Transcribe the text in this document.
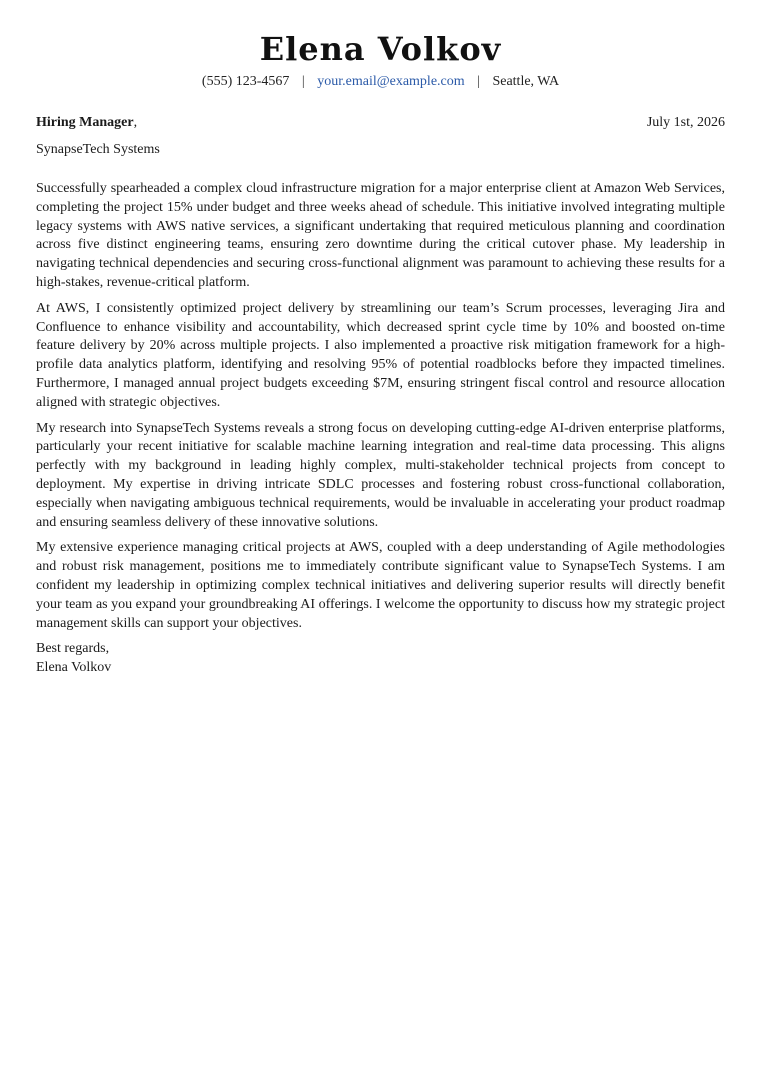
Elena Volkov
(555) 123-4567 | your.email@example.com | Seattle, WA
Hiring Manager,	July 1st, 2026
SynapseTech Systems

Successfully spearheaded a complex cloud infrastructure migration for a major enterprise client at Amazon Web Services, completing the project 15% under budget and three weeks ahead of schedule. This initiative involved integrating multiple legacy systems with AWS native services, a significant undertaking that required meticulous planning and coordination across five distinct engineering teams, ensuring zero downtime during the critical cutover phase. My leadership in navigating technical dependencies and securing cross-functional alignment was paramount to achieving these results for a high-stakes, revenue-critical platform.

At AWS, I consistently optimized project delivery by streamlining our team’s Scrum processes, leveraging Jira and Confluence to enhance visibility and accountability, which decreased sprint cycle time by 10% and boosted on-time feature delivery by 20% across multiple projects. I also implemented a proactive risk mitigation framework for a high-profile data analytics platform, identifying and resolving 95% of potential roadblocks before they impacted timelines. Furthermore, I managed annual project budgets exceeding $7M, ensuring stringent fiscal control and resource allocation aligned with strategic objectives.

My research into SynapseTech Systems reveals a strong focus on developing cutting-edge AI-driven enterprise platforms, particularly your recent initiative for scalable machine learning integration and real-time data processing. This aligns perfectly with my background in leading highly complex, multi-stakeholder technical projects from concept to deployment. My expertise in driving intricate SDLC processes and fostering robust cross-functional collaboration, especially when navigating ambiguous technical requirements, would be invaluable in accelerating your product roadmap and ensuring seamless delivery of these innovative solutions.

My extensive experience managing critical projects at AWS, coupled with a deep understanding of Agile methodologies and robust risk management, positions me to immediately contribute significant value to SynapseTech Systems. I am confident my leadership in optimizing complex technical initiatives and delivering superior results will directly benefit your team as you expand your groundbreaking AI offerings. I welcome the opportunity to discuss how my strategic project management skills can support your objectives.

Best regards,
Elena Volkov
